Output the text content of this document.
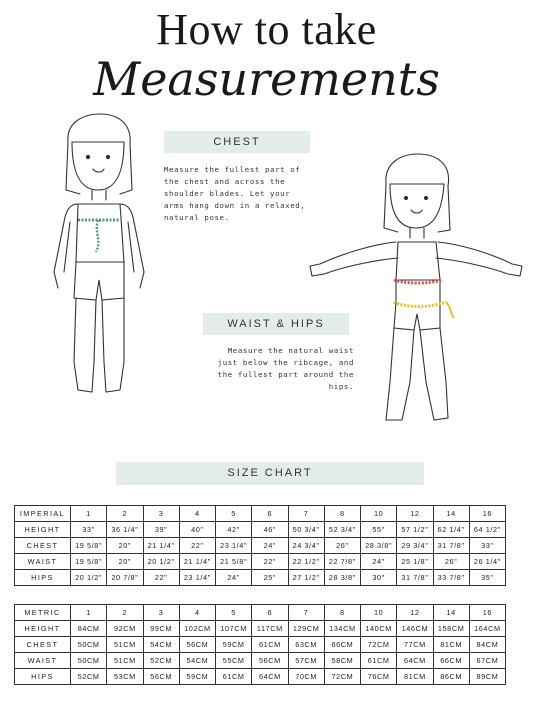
How to take
Measurements
CHEST
Measure the fullest part of the chest and across the shoulder blades. Let your arms hang down in a relaxed, natural pose.
WAIST & HIPS
Measure the natural waist just below the ribcage, and the fullest part around the hips.
SIZE CHART
IMPERIAL	1	2	3	4	5	6	7	8	10	12	14	16
HEIGHT	33"	36 1/4"	39"	40"	42"	46"	50 3/4"	52 3/4"	55"	57 1/2"	62 1/4"	64 1/2"
CHEST	19 5/8"	20"	21 1/4"	22"	23 1/4"	24"	24 3/4"	26"	28 3/8"	29 3/4"	31 7/8"	33"
WAIST	19 5/8"	20"	20 1/2"	21 1/4"	21 5/8"	22"	22 1/2"	22 7/8"	24"	25 1/8"	26"	26 1/4"
HIPS	20 1/2"	20 7/8"	22"	23 1/4"	24"	25"	27 1/2"	28 3/8"	30"	31 7/8"	33 7/8"	35"
METRIC	1	2	3	4	5	6	7	8	10	12	14	16
HEIGHT	84CM	92CM	99CM	102CM	107CM	117CM	129CM	134CM	140CM	146CM	158CM	164CM
CHEST	50CM	51CM	54CM	56CM	59CM	61CM	63CM	66CM	72CM	77CM	81CM	84CM
WAIST	50CM	51CM	52CM	54CM	55CM	56CM	57CM	58CM	61CM	64CM	66CM	67CM
HIPS	52CM	53CM	56CM	59CM	61CM	64CM	70CM	72CM	76CM	81CM	86CM	89CM
